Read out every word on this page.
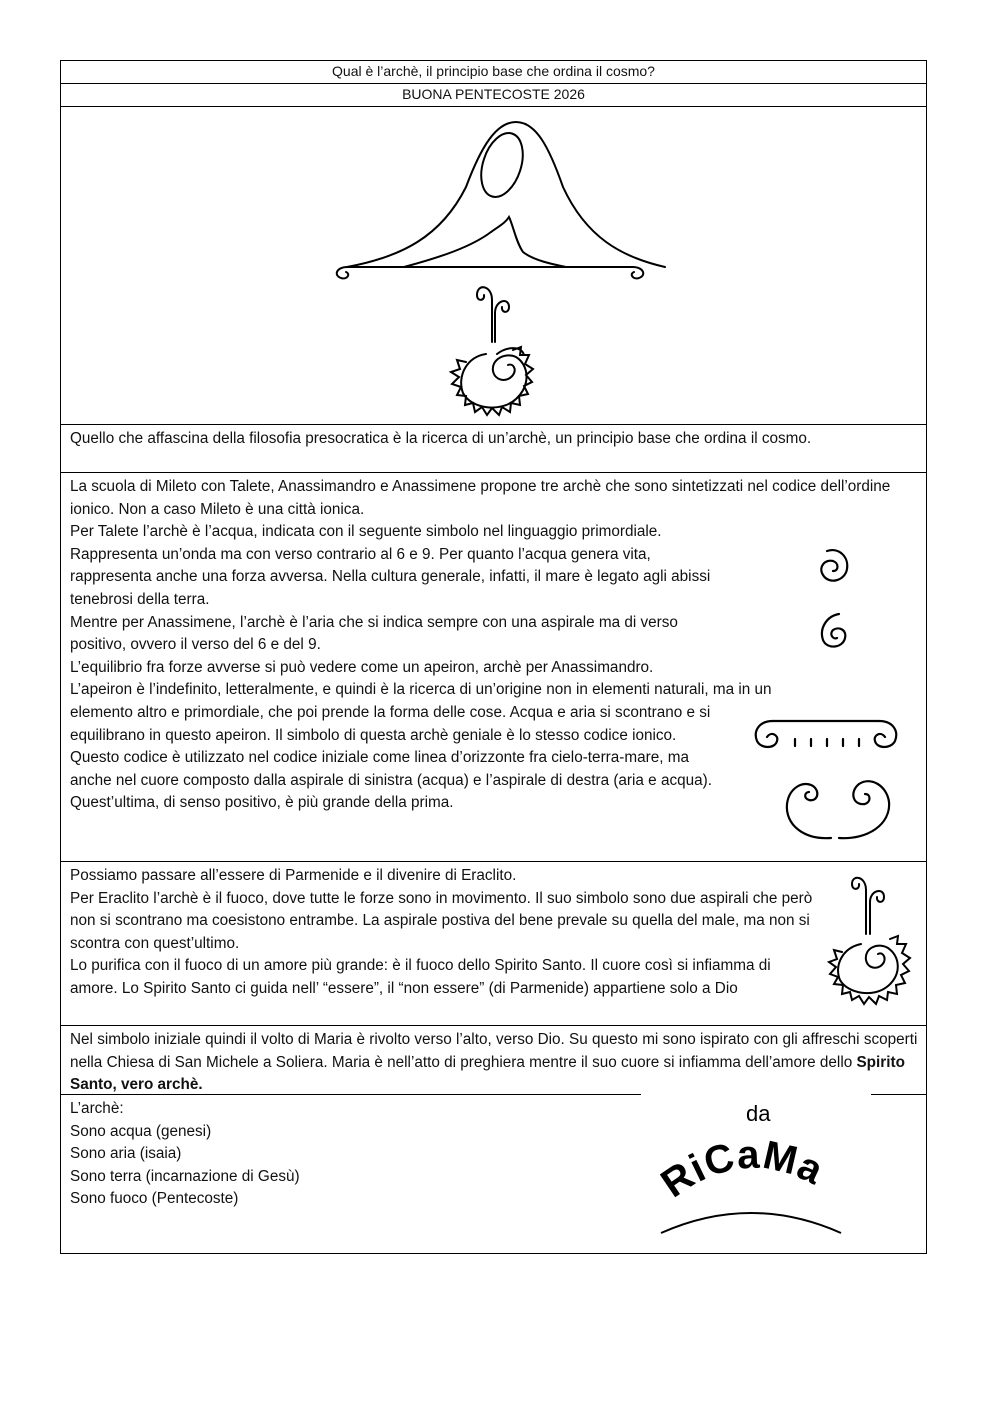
Qual è l’archè, il principio base che ordina il cosmo?
BUONA PENTECOSTE 2026

Quello che affascina della filosofia presocratica è la ricerca di un’archè, un principio base che ordina il cosmo.

La scuola di Mileto con Talete, Anassimandro e Anassimene propone tre archè che sono sintetizzati nel codice dell’ordine ionico. Non a caso Mileto è una città ionica.

Per Talete l’archè è l’acqua, indicata con il seguente simbolo nel linguaggio primordiale.

Rappresenta un’onda ma con verso contrario al 6 e 9. Per quanto l’acqua genera vita, rappresenta anche una forza avversa. Nella cultura generale, infatti, il mare è legato agli abissi tenebrosi della terra.

Mentre per Anassimene, l’archè è l’aria che si indica sempre con una aspirale ma di verso positivo, ovvero il verso del 6 e del 9.

L’equilibrio fra forze avverse si può vedere come un apeiron, archè per Anassimandro.

L’apeiron è l’indefinito, letteralmente, e quindi è la ricerca di un’origine non in elementi naturali, ma in un

elemento altro e primordiale, che poi prende la forma delle cose. Acqua e aria si scontrano e si equilibrano in questo apeiron. Il simbolo di questa archè geniale è lo stesso codice ionico.

Questo codice è utilizzato nel codice iniziale come linea d’orizzonte fra cielo-terra-mare, ma anche nel cuore composto dalla aspirale di sinistra (acqua) e l’aspirale di destra (aria e acqua). Quest’ultima, di senso positivo, è più grande della prima.

Possiamo passare all’essere di Parmenide e il divenire di Eraclito.

Per Eraclito l’archè è il fuoco, dove tutte le forze sono in movimento. Il suo simbolo sono due aspirali che però non si scontrano ma coesistono entrambe. La aspirale postiva del bene prevale su quella del male, ma non si scontra con quest’ultimo.

Lo purifica con il fuoco di un amore più grande: è il fuoco dello Spirito Santo. Il cuore così si infiamma di amore. Lo Spirito Santo ci guida nell’ “essere”, il “non essere” (di Parmenide) appartiene solo a Dio

Nel simbolo iniziale quindi il volto di Maria è rivolto verso l’alto, verso Dio. Su questo mi sono ispirato con gli affreschi scoperti nella Chiesa di San Michele a Soliera. Maria è nell’atto di preghiera mentre il suo cuore si infiamma dell’amore dello Spirito Santo, vero archè.

L’archè:

Sono acqua (genesi)

Sono aria (isaia)

Sono terra (incarnazione di Gesù)

Sono fuoco (Pentecoste)

da
RiCaMa
